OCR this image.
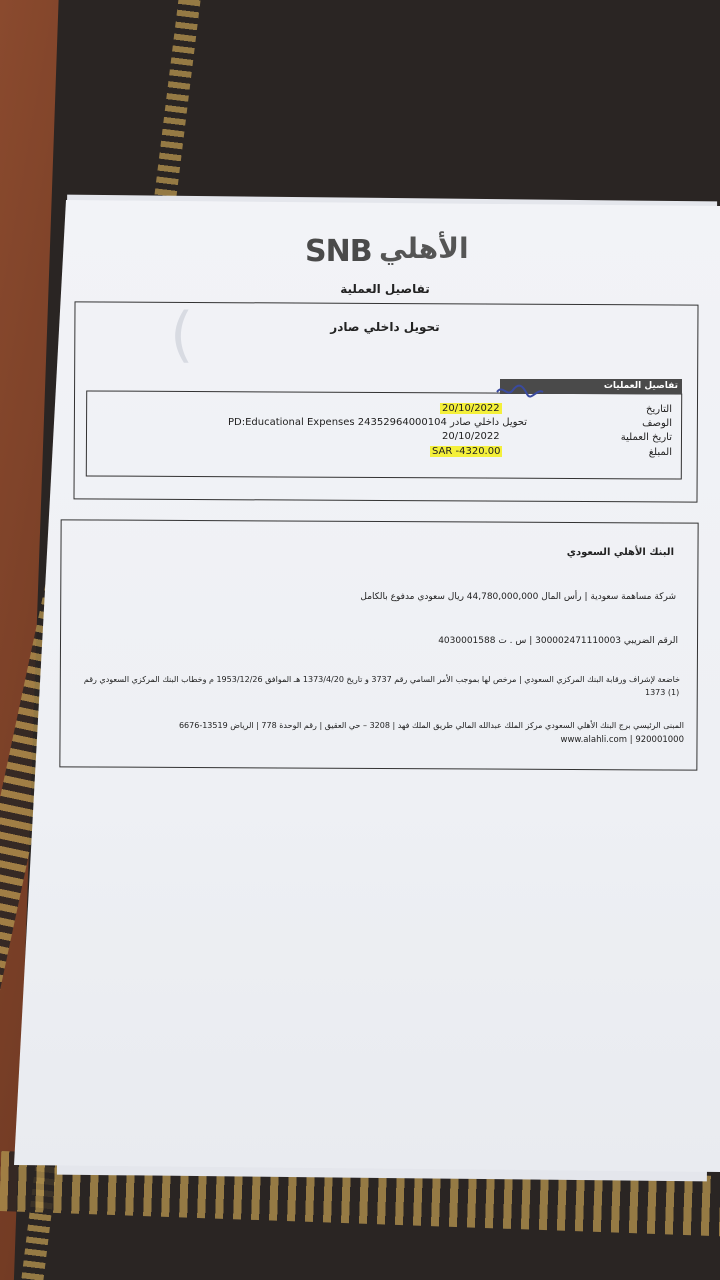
SNB الأهلي
تفاصيل العملية
تحويل داخلي صادر
(
تفاصيل العمليات
التاريخ
20/10/2022
الوصف
PD:Educational Expenses 24352964000104 تحويل داخلي صادر
تاريخ العملية
20/10/2022
المبلغ
SAR -4320.00
البنك الأهلي السعودي
شركة مساهمة سعودية | رأس المال 44,780,000,000 ريال سعودي مدفوع بالكامل
الرقم الضريبي 300002471110003 | س . ت 4030001588
خاضعة لإشراف ورقابة البنك المركزي السعودي | مرخص لها بموجب الأمر السامي رقم 3737 و تاريخ 1373/4/20 هـ الموافق 1953/12/26 م وخطاب البنك المركزي السعودي رقم
1373 (1)
المبنى الرئيسي برج البنك الأهلي السعودي مركز الملك عبدالله المالي طريق الملك فهد | 3208 – حي العقيق | رقم الوحدة 778 | الرياض 13519-6676
920001000 | www.alahli.com
